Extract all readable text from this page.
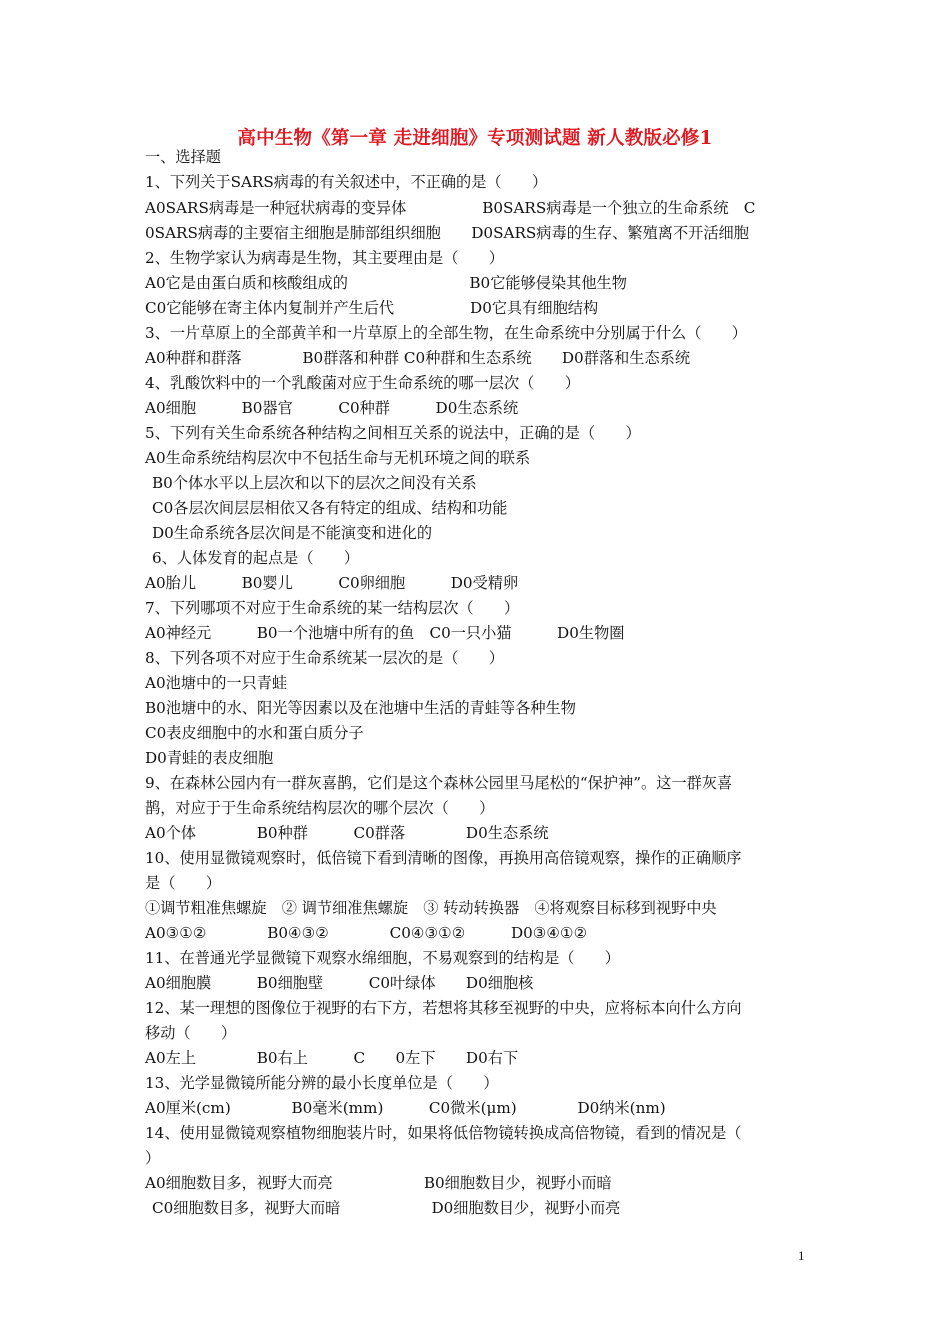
高中生物《第一章 走进细胞》专项测试题 新人教版必修1
一、选择题
1、下列关于SARS病毒的有关叙述中，不正确的是（　　）
A0SARS病毒是一种冠状病毒的变异体　　　　　B0SARS病毒是一个独立的生命系统　C
0SARS病毒的主要宿主细胞是肺部组织细胞　　D0SARS病毒的生存、繁殖离不开活细胞
2、生物学家认为病毒是生物，其主要理由是（　　）
A0它是由蛋白质和核酸组成的　　　　　　　　B0它能够侵染其他生物
C0它能够在寄主体内复制并产生后代　　　　　D0它具有细胞结构
3、一片草原上的全部黄羊和一片草原上的全部生物，在生命系统中分别属于什么（　　）
A0种群和群落　　　　B0群落和种群 C0种群和生态系统　　D0群落和生态系统
4、乳酸饮料中的一个乳酸菌对应于生命系统的哪一层次（　　）
A0细胞　　　B0器官　　　C0种群　　　D0生态系统
5、下列有关生命系统各种结构之间相互关系的说法中，正确的是（　　）
A0生命系统结构层次中不包括生命与无机环境之间的联系
B0个体水平以上层次和以下的层次之间没有关系
C0各层次间层层相依又各有特定的组成、结构和功能
D0生命系统各层次间是不能演变和进化的
6、人体发育的起点是（　　）
A0胎儿　　　B0婴儿　　　C0卵细胞　　　D0受精卵
7、下列哪项不对应于生命系统的某一结构层次（　　）
A0神经元　　　B0一个池塘中所有的鱼　C0一只小猫　　　D0生物圈
8、下列各项不对应于生命系统某一层次的是（　　）
A0池塘中的一只青蛙
B0池塘中的水、阳光等因素以及在池塘中生活的青蛙等各种生物
C0表皮细胞中的水和蛋白质分子
D0青蛙的表皮细胞
9、在森林公园内有一群灰喜鹊，它们是这个森林公园里马尾松的“保护神”。这一群灰喜
鹊，对应于于生命系统结构层次的哪个层次（　　）
A0个体　　　　B0种群　　　C0群落　　　　D0生态系统
10、使用显微镜观察时，低倍镜下看到清晰的图像，再换用高倍镜观察，操作的正确顺序
是（　　）
①调节粗准焦螺旋　② 调节细准焦螺旋　③ 转动转换器　④将观察目标移到视野中央
A0③①②　　　　B0④③②　　　　C0④③①②　　　D0③④①②
11、在普通光学显微镜下观察水绵细胞，不易观察到的结构是（　　）
A0细胞膜　　　B0细胞壁　　　C0叶绿体　　D0细胞核
12、某一理想的图像位于视野的右下方，若想将其移至视野的中央，应将标本向什么方向
移动（　　）
A0左上　　　　B0右上　　　C　　0左下　　D0右下
13、光学显微镜所能分辨的最小长度单位是（　　）
A0厘米(cm)　　　　B0毫米(mm)　　　C0微米(μm)　　　　D0纳米(nm)
14、使用显微镜观察植物细胞装片时，如果将低倍物镜转换成高倍物镜，看到的情况是（
）
A0细胞数目多，视野大而亮　　　　　　B0细胞数目少，视野小而暗
C0细胞数目多，视野大而暗　　　　　　D0细胞数目少，视野小而亮
1
